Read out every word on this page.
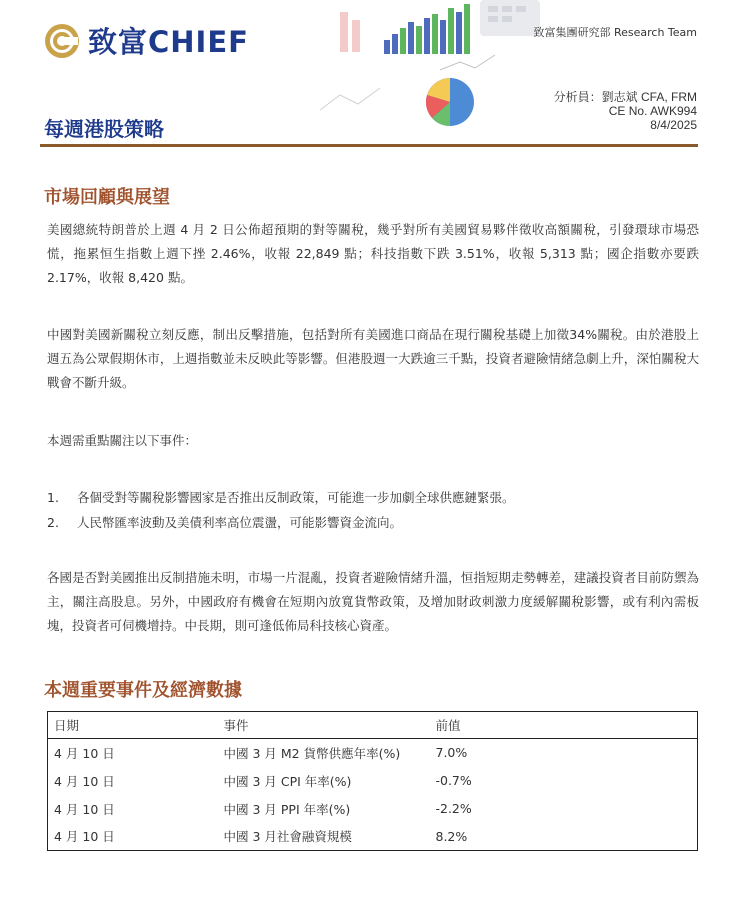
致富CHIEF	致富集團研究部 Research Team
分析員：劉志斌 CFA, FRM
CE No. AWK994
8/4/2025
每週港股策略
市場回顧與展望

美國總統特朗普於上週 4 月 2 日公佈超預期的對等關稅，幾乎對所有美國貿易夥伴徵收高額關稅，引發環球市場恐慌，拖累恒生指數上週下挫 2.46%，收報 22,849 點；科技指數下跌 3.51%，收報 5,313 點；國企指數亦要跌 2.17%，收報 8,420 點。

中國對美國新關稅立刻反應，制出反擊措施，包括對所有美國進口商品在現行關稅基礎上加徵34%關稅。由於港股上週五為公眾假期休市，上週指數並未反映此等影響。但港股週一大跌逾三千點，投資者避險情緒急劇上升，深怕關稅大戰會不斷升級。

本週需重點關注以下事件：

1.	各個受對等關稅影響國家是否推出反制政策，可能進一步加劇全球供應鏈緊張。
2.	人民幣匯率波動及美債利率高位震盪，可能影響資金流向。

各國是否對美國推出反制措施未明，市場一片混亂，投資者避險情緒升溫，恒指短期走勢轉差，建議投資者目前防禦為主，關注高股息。另外，中國政府有機會在短期內放寬貨幣政策，及增加財政刺激力度緩解關稅影響，或有利內需板塊，投資者可伺機增持。中長期，則可逢低佈局科技核心資產。

本週重要事件及經濟數據
日期	事件	前值
4 月 10 日	中國 3 月 M2 貨幣供應年率(%)	7.0%
4 月 10 日	中國 3 月 CPI 年率(%)	-0.7%
4 月 10 日	中國 3 月 PPI 年率(%)	-2.2%
4 月 10 日	中國 3 月社會融資規模	8.2%
